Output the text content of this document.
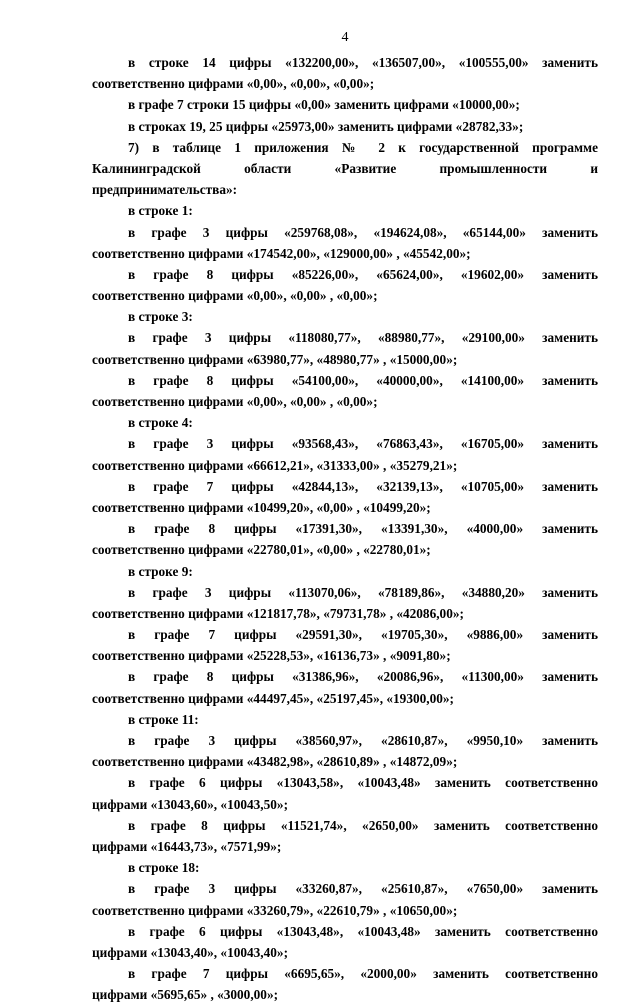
4
в строке 14 цифры «132200,00», «136507,00», «100555,00» заменить
соответственно цифрами «0,00», «0,00», «0,00»;
в графе 7 строки 15 цифры «0,00» заменить цифрами «10000,00»;
в строках 19, 25 цифры «25973,00» заменить цифрами «28782,33»;
7) в таблице 1 приложения № 2 к государственной программе
Калининградской области «Развитие промышленности и
предпринимательства»:
в строке 1:
в графе 3 цифры «259768,08», «194624,08», «65144,00» заменить
соответственно цифрами «174542,00», «129000,00» , «45542,00»;
в графе 8 цифры «85226,00», «65624,00», «19602,00» заменить
соответственно цифрами «0,00», «0,00» , «0,00»;
в строке 3:
в графе 3 цифры «118080,77», «88980,77», «29100,00» заменить
соответственно цифрами «63980,77», «48980,77» , «15000,00»;
в графе 8 цифры «54100,00», «40000,00», «14100,00» заменить
соответственно цифрами «0,00», «0,00» , «0,00»;
в строке 4:
в графе 3 цифры «93568,43», «76863,43», «16705,00» заменить
соответственно цифрами «66612,21», «31333,00» , «35279,21»;
в графе 7 цифры «42844,13», «32139,13», «10705,00» заменить
соответственно цифрами «10499,20», «0,00» , «10499,20»;
в графе 8 цифры «17391,30», «13391,30», «4000,00» заменить
соответственно цифрами «22780,01», «0,00» , «22780,01»;
в строке 9:
в графе 3 цифры «113070,06», «78189,86», «34880,20» заменить
соответственно цифрами «121817,78», «79731,78» , «42086,00»;
в графе 7 цифры «29591,30», «19705,30», «9886,00» заменить
соответственно цифрами «25228,53», «16136,73» , «9091,80»;
в графе 8 цифры «31386,96», «20086,96», «11300,00» заменить
соответственно цифрами «44497,45», «25197,45», «19300,00»;
в строке 11:
в графе 3 цифры «38560,97», «28610,87», «9950,10» заменить
соответственно цифрами «43482,98», «28610,89» , «14872,09»;
в графе 6 цифры «13043,58», «10043,48» заменить соответственно
цифрами «13043,60», «10043,50»;
в графе 8 цифры «11521,74», «2650,00» заменить соответственно
цифрами «16443,73», «7571,99»;
в строке 18:
в графе 3 цифры «33260,87», «25610,87», «7650,00» заменить
соответственно цифрами «33260,79», «22610,79» , «10650,00»;
в графе 6 цифры «13043,48», «10043,48» заменить соответственно
цифрами «13043,40», «10043,40»;
в графе 7 цифры «6695,65», «2000,00» заменить соответственно
цифрами «5695,65» , «3000,00»;
